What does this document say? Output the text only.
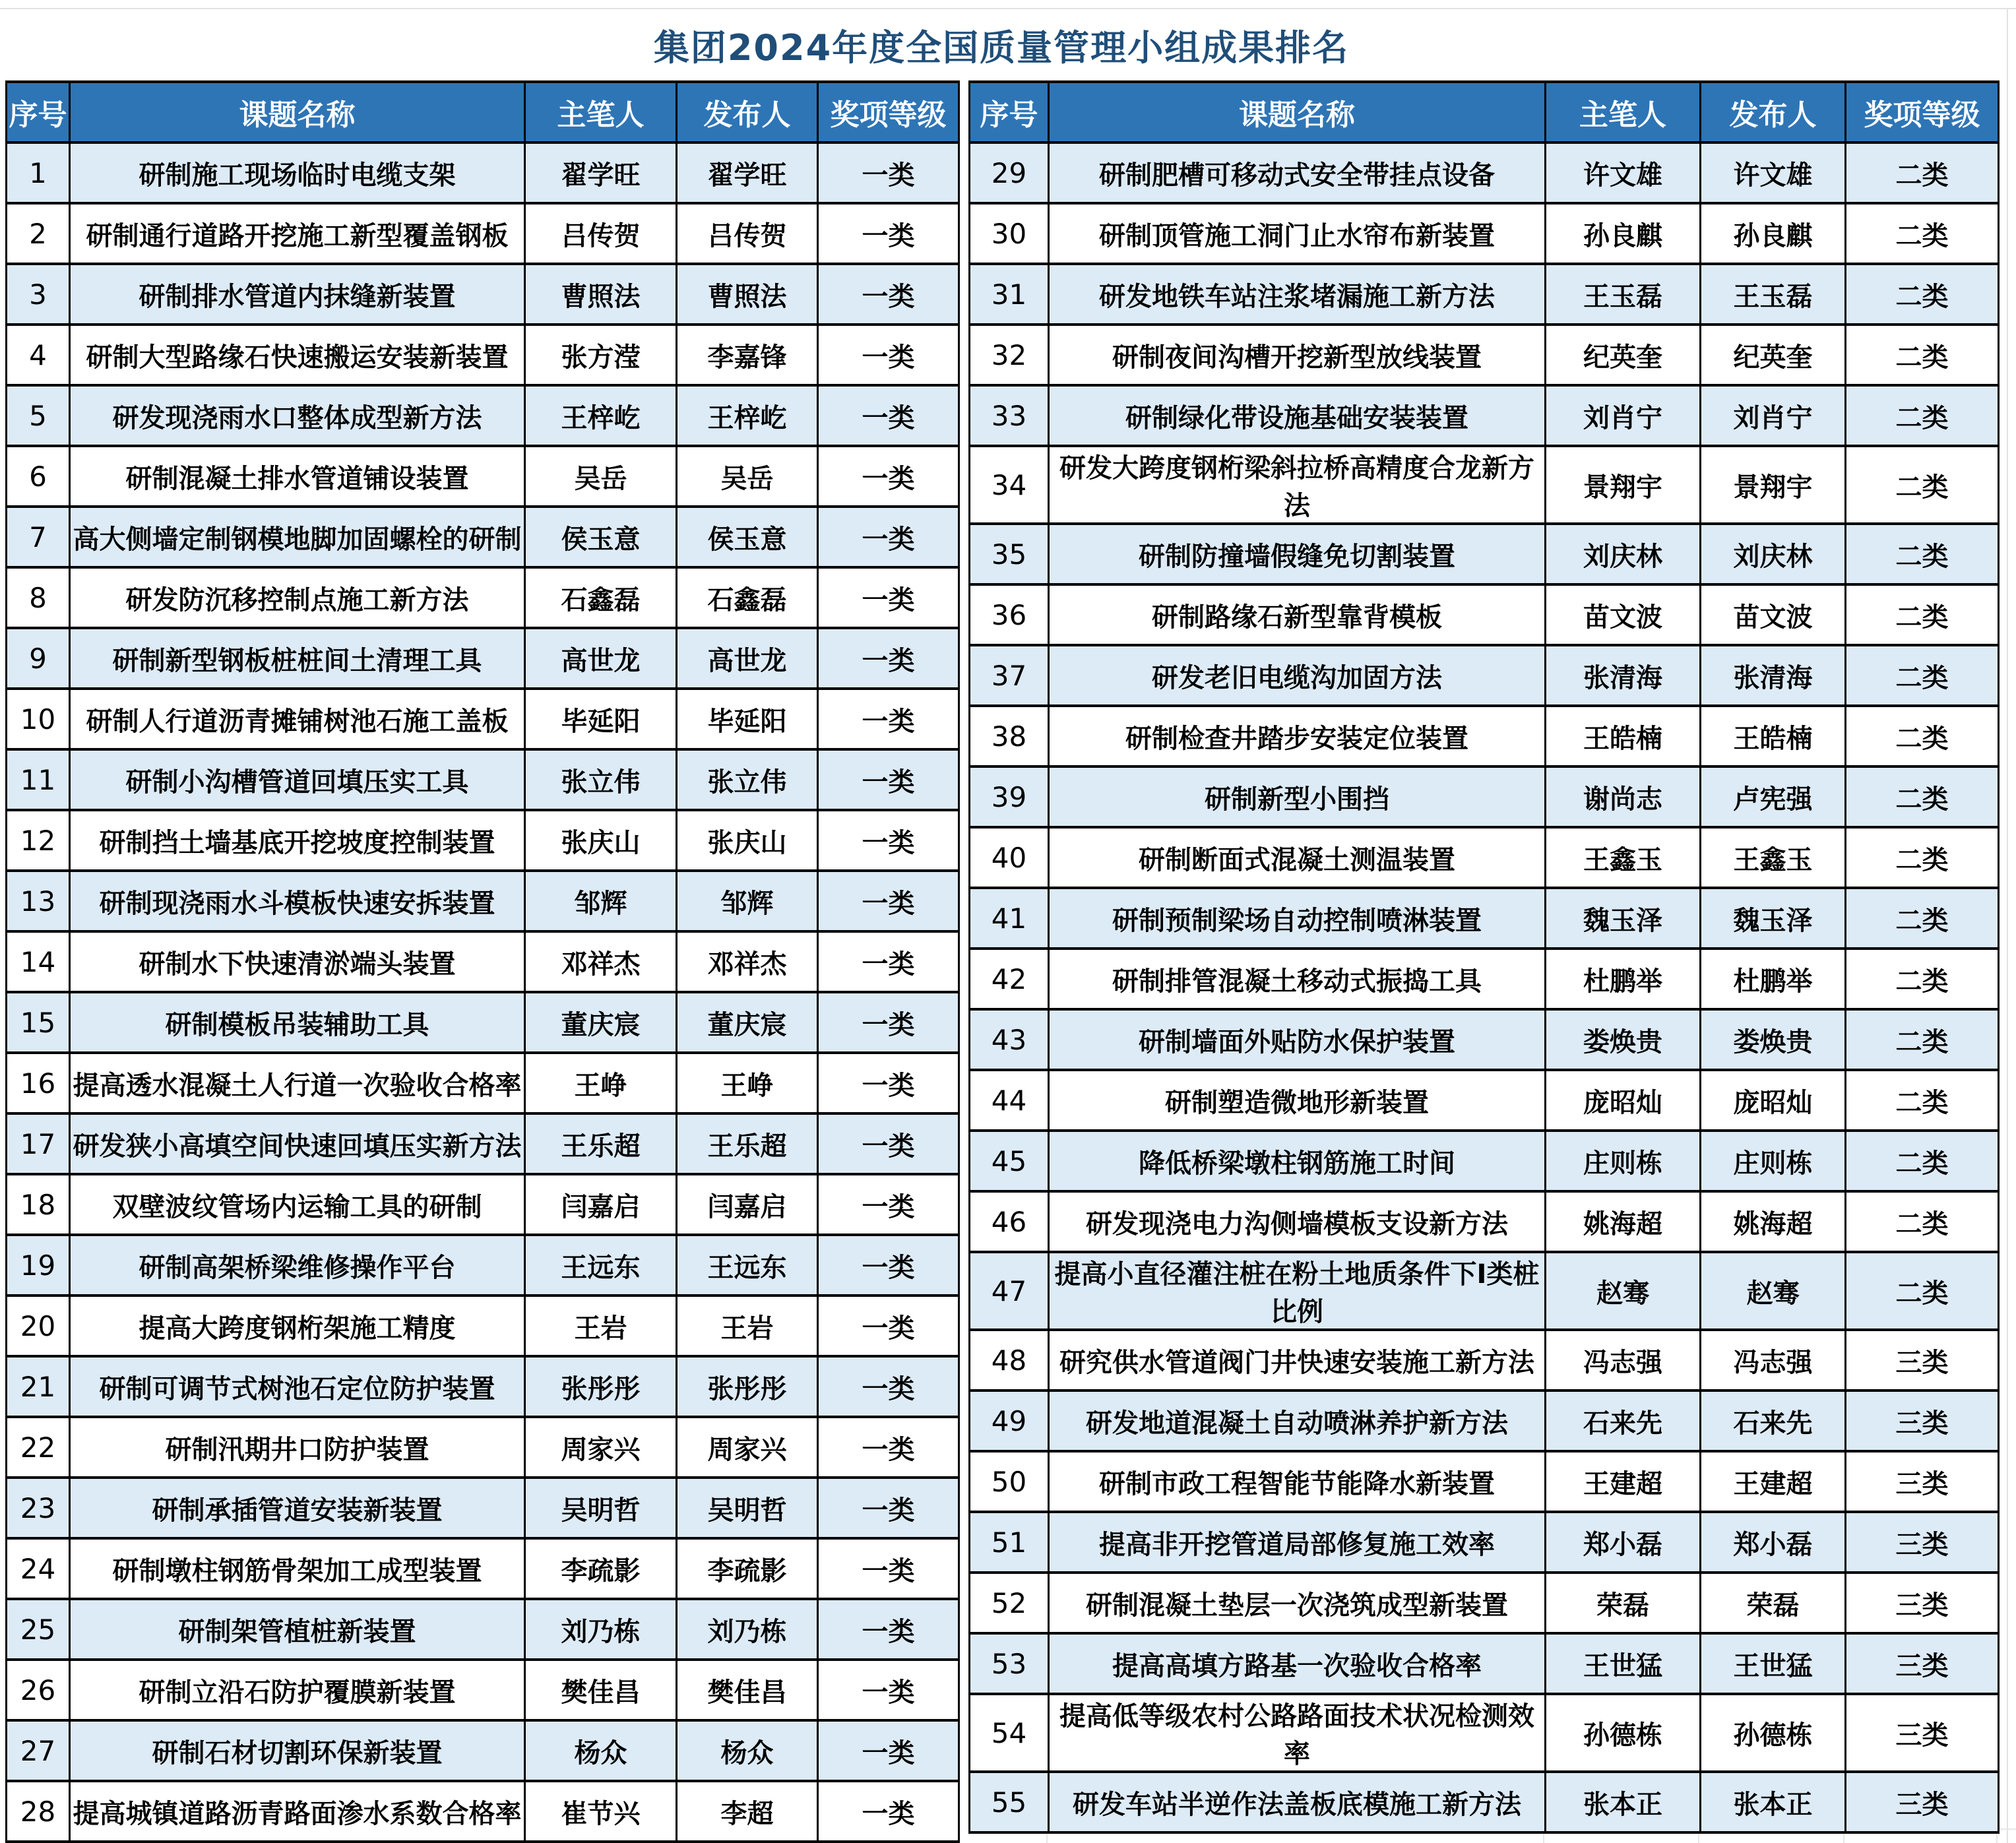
集团2024年度全国质量管理小组成果排名
序号	课题名称	主笔人	发布人	奖项等级
1	研制施工现场临时电缆支架	翟学旺	翟学旺	一类
2	研制通行道路开挖施工新型覆盖钢板	吕传贺	吕传贺	一类
3	研制排水管道内抹缝新装置	曹照法	曹照法	一类
4	研制大型路缘石快速搬运安装新装置	张方滢	李嘉锋	一类
5	研发现浇雨水口整体成型新方法	王梓屹	王梓屹	一类
6	研制混凝土排水管道铺设装置	吴岳	吴岳	一类
7	高大侧墙定制钢模地脚加固螺栓的研制	侯玉意	侯玉意	一类
8	研发防沉移控制点施工新方法	石鑫磊	石鑫磊	一类
9	研制新型钢板桩桩间土清理工具	高世龙	高世龙	一类
10	研制人行道沥青摊铺树池石施工盖板	毕延阳	毕延阳	一类
11	研制小沟槽管道回填压实工具	张立伟	张立伟	一类
12	研制挡土墙基底开挖坡度控制装置	张庆山	张庆山	一类
13	研制现浇雨水斗模板快速安拆装置	邹辉	邹辉	一类
14	研制水下快速清淤端头装置	邓祥杰	邓祥杰	一类
15	研制模板吊装辅助工具	董庆宸	董庆宸	一类
16	提高透水混凝土人行道一次验收合格率	王峥	王峥	一类
17	研发狭小高填空间快速回填压实新方法	王乐超	王乐超	一类
18	双壁波纹管场内运输工具的研制	闫嘉启	闫嘉启	一类
19	研制高架桥梁维修操作平台	王远东	王远东	一类
20	提高大跨度钢桁架施工精度	王岩	王岩	一类
21	研制可调节式树池石定位防护装置	张彤彤	张彤彤	一类
22	研制汛期井口防护装置	周家兴	周家兴	一类
23	研制承插管道安装新装置	吴明哲	吴明哲	一类
24	研制墩柱钢筋骨架加工成型装置	李疏影	李疏影	一类
25	研制架管植桩新装置	刘乃栋	刘乃栋	一类
26	研制立沿石防护覆膜新装置	樊佳昌	樊佳昌	一类
27	研制石材切割环保新装置	杨众	杨众	一类
28	提高城镇道路沥青路面渗水系数合格率	崔节兴	李超	一类
序号	课题名称	主笔人	发布人	奖项等级
29	研制肥槽可移动式安全带挂点设备	许文雄	许文雄	二类
30	研制顶管施工洞门止水帘布新装置	孙良麒	孙良麒	二类
31	研发地铁车站注浆堵漏施工新方法	王玉磊	王玉磊	二类
32	研制夜间沟槽开挖新型放线装置	纪英奎	纪英奎	二类
33	研制绿化带设施基础安装装置	刘肖宁	刘肖宁	二类
34	研发大跨度钢桁梁斜拉桥高精度合龙新方法	景翔宇	景翔宇	二类
35	研制防撞墙假缝免切割装置	刘庆林	刘庆林	二类
36	研制路缘石新型靠背模板	苗文波	苗文波	二类
37	研发老旧电缆沟加固方法	张清海	张清海	二类
38	研制检查井踏步安装定位装置	王皓楠	王皓楠	二类
39	研制新型小围挡	谢尚志	卢宪强	二类
40	研制断面式混凝土测温装置	王鑫玉	王鑫玉	二类
41	研制预制梁场自动控制喷淋装置	魏玉泽	魏玉泽	二类
42	研制排管混凝土移动式振捣工具	杜鹏举	杜鹏举	二类
43	研制墙面外贴防水保护装置	娄焕贵	娄焕贵	二类
44	研制塑造微地形新装置	庞昭灿	庞昭灿	二类
45	降低桥梁墩柱钢筋施工时间	庄则栋	庄则栋	二类
46	研发现浇电力沟侧墙模板支设新方法	姚海超	姚海超	二类
47	提高小直径灌注桩在粉土地质条件下Ⅰ类桩比例	赵骞	赵骞	二类
48	研究供水管道阀门井快速安装施工新方法	冯志强	冯志强	三类
49	研发地道混凝土自动喷淋养护新方法	石来先	石来先	三类
50	研制市政工程智能节能降水新装置	王建超	王建超	三类
51	提高非开挖管道局部修复施工效率	郑小磊	郑小磊	三类
52	研制混凝土垫层一次浇筑成型新装置	荣磊	荣磊	三类
53	提高高填方路基一次验收合格率	王世猛	王世猛	三类
54	提高低等级农村公路路面技术状况检测效率	孙德栋	孙德栋	三类
55	研发车站半逆作法盖板底模施工新方法	张本正	张本正	三类
